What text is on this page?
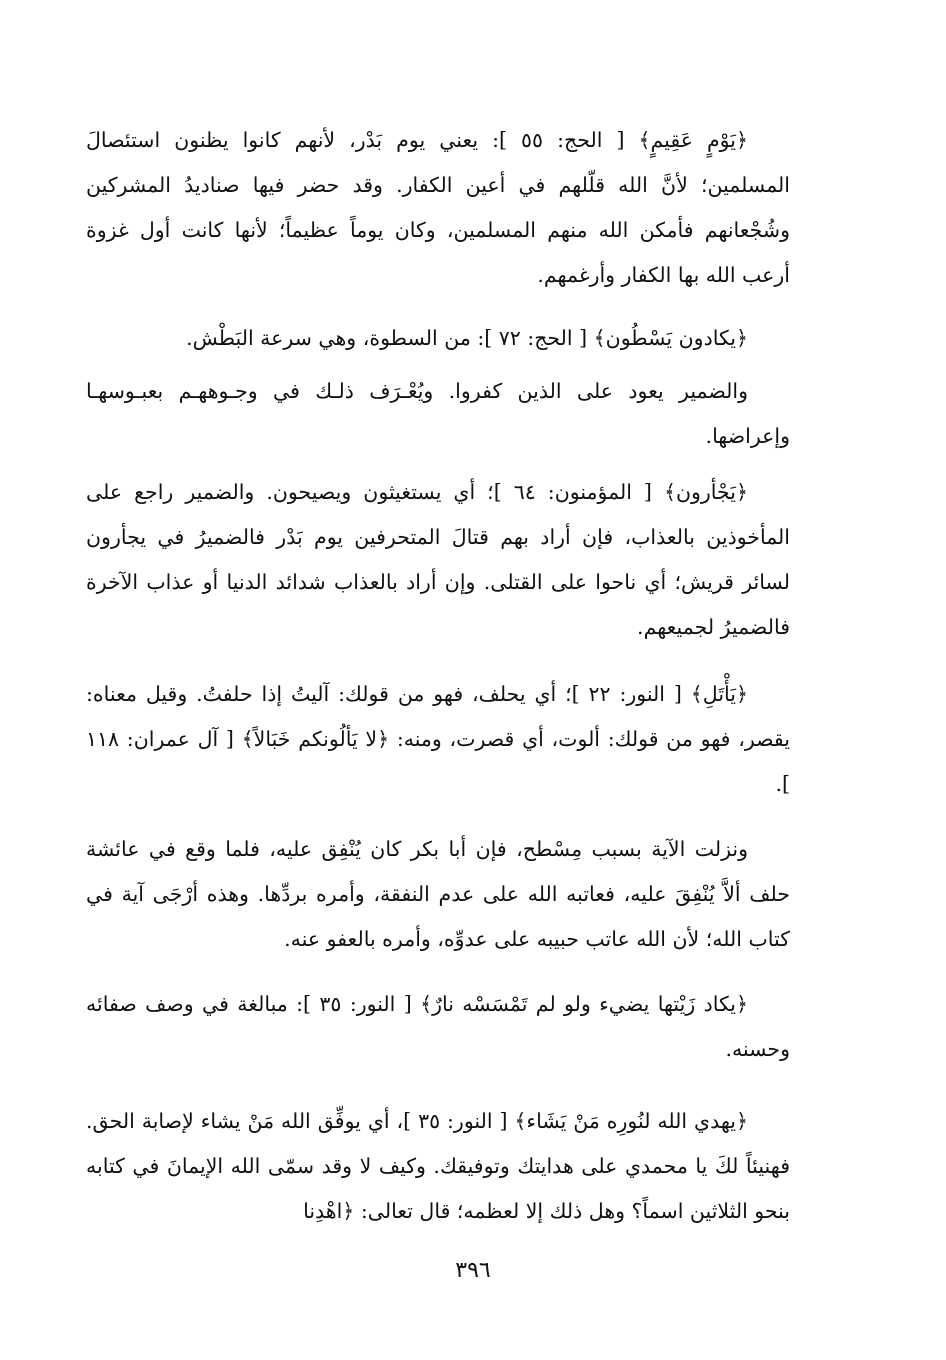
﴿يَوْمٍ عَقِيمٍ﴾ [ الحج: ٥٥ ]: يعني يوم بَدْر، لأنهم كانوا يظنون استئصالَ المسلمين؛ لأنَّ الله قلّلهم في أعين الكفار. وقد حضر فيها صناديدُ المشركين وشُجْعانهم فأمكن الله منهم المسلمين، وكان يوماً عظيماً؛ لأنها كانت أول غزوة أرعب الله بها الكفار وأرغمهم.

﴿يكادون يَسْطُون﴾ [ الحج: ٧٢ ]: من السطوة، وهي سرعة البَطْش.

والضمير يعود على الذين كفروا. ويُعْـرَف ذلـك في وجـوههـم بعبـوسهـا وإعراضها.

﴿يَجْأرون﴾ [ المؤمنون: ٦٤ ]؛ أي يستغيثون ويصيحون. والضمير راجع على المأخوذين بالعذاب، فإن أراد بهم قتالَ المتحرفين يوم بَدْر فالضميرُ في يجأرون لسائر قريش؛ أي ناحوا على القتلى. وإن أراد بالعذاب شدائد الدنيا أو عذاب الآخرة فالضميرُ لجميعهم.

﴿يَأْتَلِ﴾ [ النور: ٢٢ ]؛ أي يحلف، فهو من قولك: آليتُ إذا حلفتُ. وقيل معناه: يقصر، فهو من قولك: ألوت، أي قصرت، ومنه: ﴿لا يَألُونكم خَبَالاً﴾ [ آل عمران: ١١٨ ].

ونزلت الآية بسبب مِسْطح، فإن أبا بكر كان يُنْفِق عليه، فلما وقع في عائشة حلف ألاَّ يُنْفِقَ عليه، فعاتبه الله على عدم النفقة، وأمره بردِّها. وهذه أرْجَى آية في كتاب الله؛ لأن الله عاتب حبيبه على عدوِّه، وأمره بالعفو عنه.

﴿يكاد زَيْتها يضيء ولو لم تَمْسَسْه نارٌ﴾ [ النور: ٣٥ ]: مبالغة في وصف صفائه وحسنه.

﴿يهدي الله لنُورِه مَنْ يَشَاء﴾ [ النور: ٣٥ ]، أي يوفِّق الله مَنْ يشاء لإصابة الحق. فهنيئاً لكَ يا محمدي على هدايتك وتوفيقك. وكيف لا وقد سمّى الله الإيمانَ في كتابه بنحو الثلاثين اسماً؟ وهل ذلك إلا لعظمه؛ قال تعالى: ﴿اهْدِنا

٣٩٦
